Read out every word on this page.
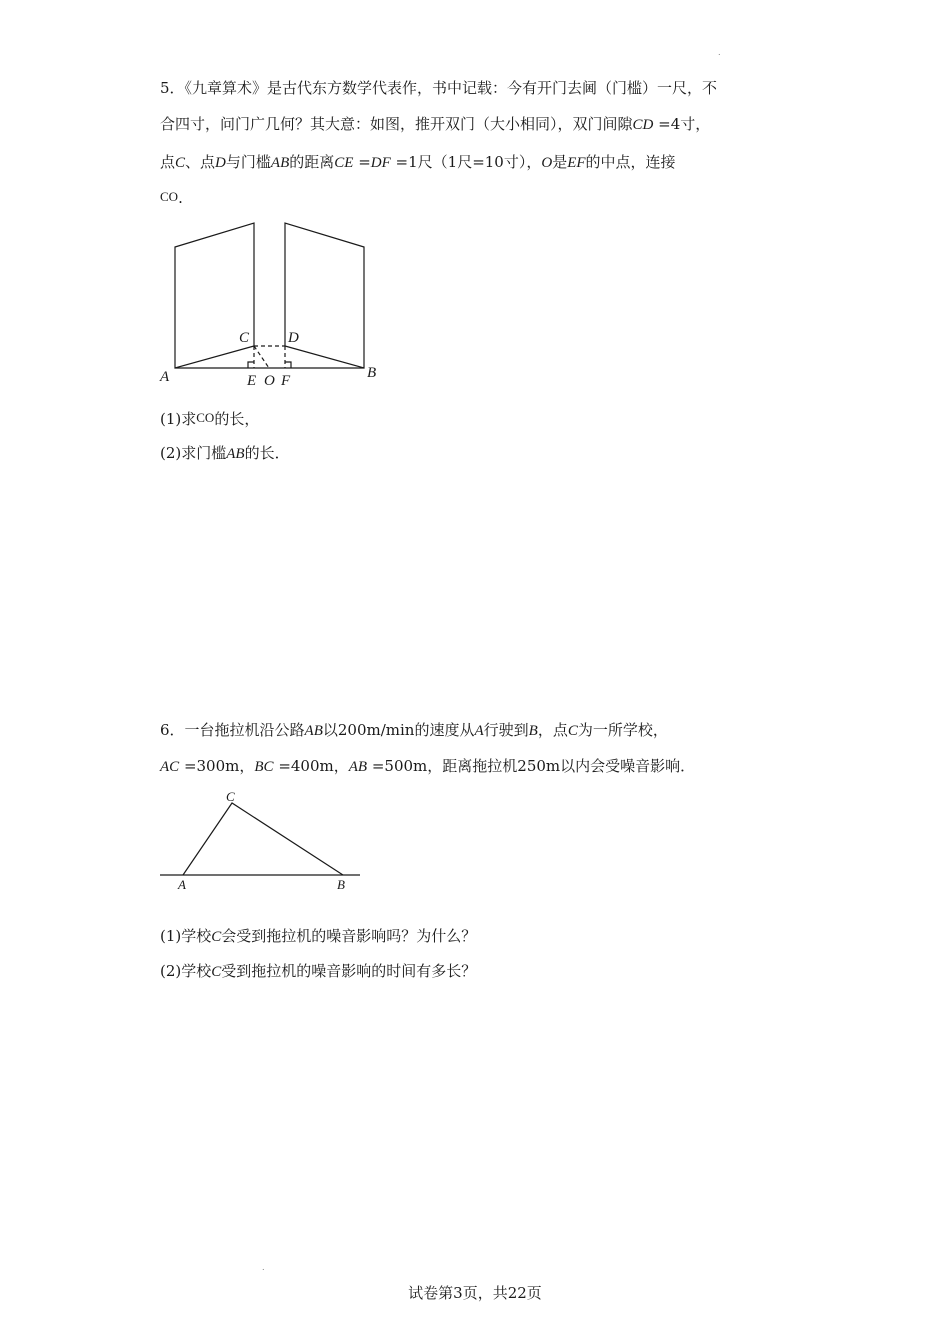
.
5．《九章算术》是古代东方数学代表作，书中记载：今有开门去阃（门槛）一尺，不
合四寸，问门广几何？其大意：如图，推开双门（大小相同），双门间隙CD =4寸，
点C、点D与门槛AB的距离CE =DF =1尺（1尺=10寸），O是EF的中点，连接
CO.
A	B
C	D
E O F
(1)求CO的长，
(2)求门槛AB的长．
6．一台拖拉机沿公路AB以200m/min的速度从A行驶到B，点C为一所学校，
AC =300m，BC =400m，AB =500m，距离拖拉机250m以内会受噪音影响．
A	B
C
(1)学校C会受到拖拉机的噪音影响吗？为什么？
(2)学校C受到拖拉机的噪音影响的时间有多长？
.
试卷第3页，共22页
